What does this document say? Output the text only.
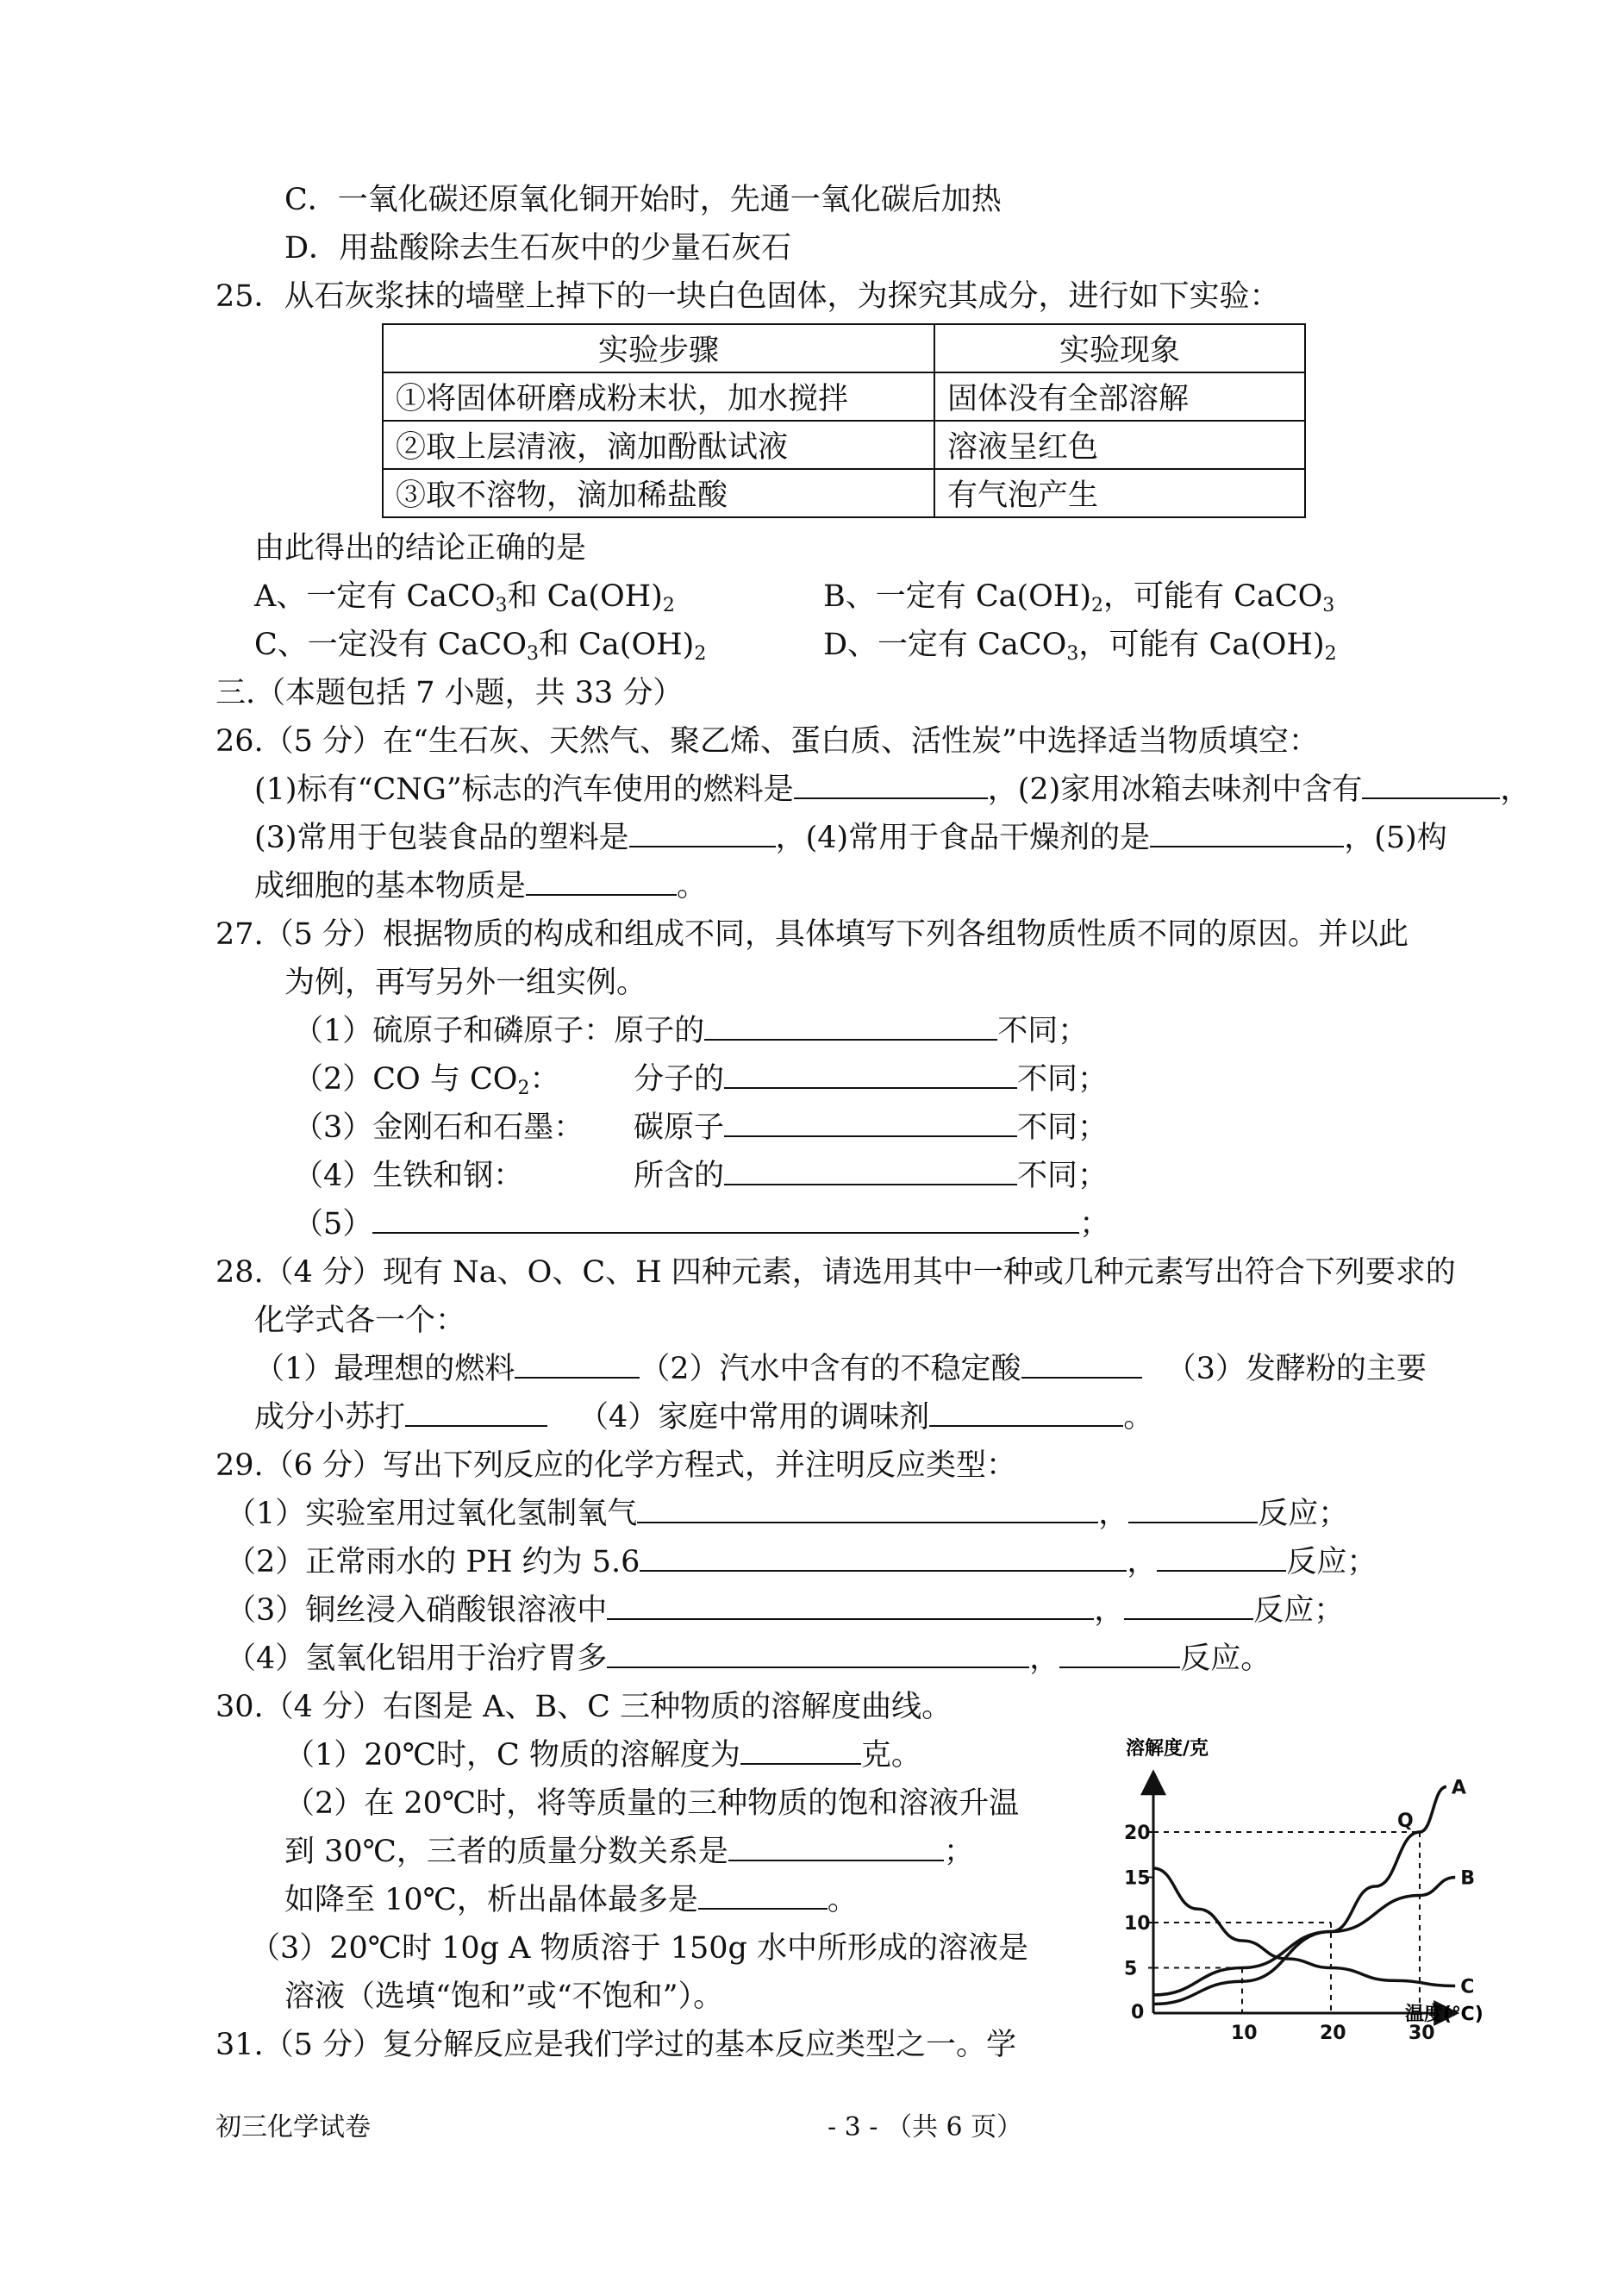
C．一氧化碳还原氧化铜开始时，先通一氧化碳后加热
D．用盐酸除去生石灰中的少量石灰石
25．从石灰浆抹的墙壁上掉下的一块白色固体，为探究其成分，进行如下实验：
实验步骤	实验现象
①将固体研磨成粉末状，加水搅拌	固体没有全部溶解
②取上层清液，滴加酚酞试液	溶液呈红色
③取不溶物，滴加稀盐酸	有气泡产生
由此得出的结论正确的是
A、一定有 CaCO$_3$和 $Ca(OH)_2$	B、一定有 $Ca(OH)_2$，可能有 CaCO$_3$
C、一定没有 CaCO$_3$和 $Ca(OH)_2$	D、一定有 CaCO$_3$，可能有 $Ca(OH)_2$
三.（本题包括 7 小题，共 33 分）
26.（5 分）在“生石灰、天然气、聚乙烯、蛋白质、活性炭”中选择适当物质填空：
(1)标有“CNG”标志的汽车使用的燃料是	，(2)家用冰箱去味剂中含有	，
(3)常用于包装食品的塑料是	，(4)常用于食品干燥剂的是	，(5)构
成细胞的基本物质是	。
27.（5 分）根据物质的构成和组成不同，具体填写下列各组物质性质不同的原因。并以此
为例，再写另外一组实例。
（1）硫原子和磷原子：原子的	不同；
（2）CO 与 $CO_2$： 分子的	不同；
（3）金刚石和石墨： 碳原子	不同；
（4）生铁和钢：	所含的	不同；
（5）	；
28.（4 分）现有 Na、O、C、H 四种元素，请选用其中一种或几种元素写出符合下列要求的
化学式各一个：
（1）最理想的燃料	（2）汽水中含有的不稳定酸	（3）发酵粉的主要
成分小苏打	（4）家庭中常用的调味剂	。
29.（6 分）写出下列反应的化学方程式，并注明反应类型：
（1）实验室用过氧化氢制氧气	，	反应；
（2）正常雨水的 PH 约为 5.6	，	反应；
（3）铜丝浸入硝酸银溶液中	，	反应；
（4）氢氧化铝用于治疗胃多	，	反应。
30.（4 分）右图是 A、B、C 三种物质的溶解度曲线。
（1）20℃时，C 物质的溶解度为	克。
（2）在 20℃时，将等质量的三种物质的饱和溶液升温
到 30℃，三者的质量分数关系是	；
如降至 10℃，析出晶体最多是	。
（3）20℃时 10g A 物质溶于 150g 水中所形成的溶液是
溶液（选填“饱和”或“不饱和”）。
31.（5 分）复分解反应是我们学过的基本反应类型之一。学
A
B
C
5
10
15
20
10	20	30
0
Q
溶解度/克
温度(℃)
初三化学试卷	- 3 - （共 6 页）
